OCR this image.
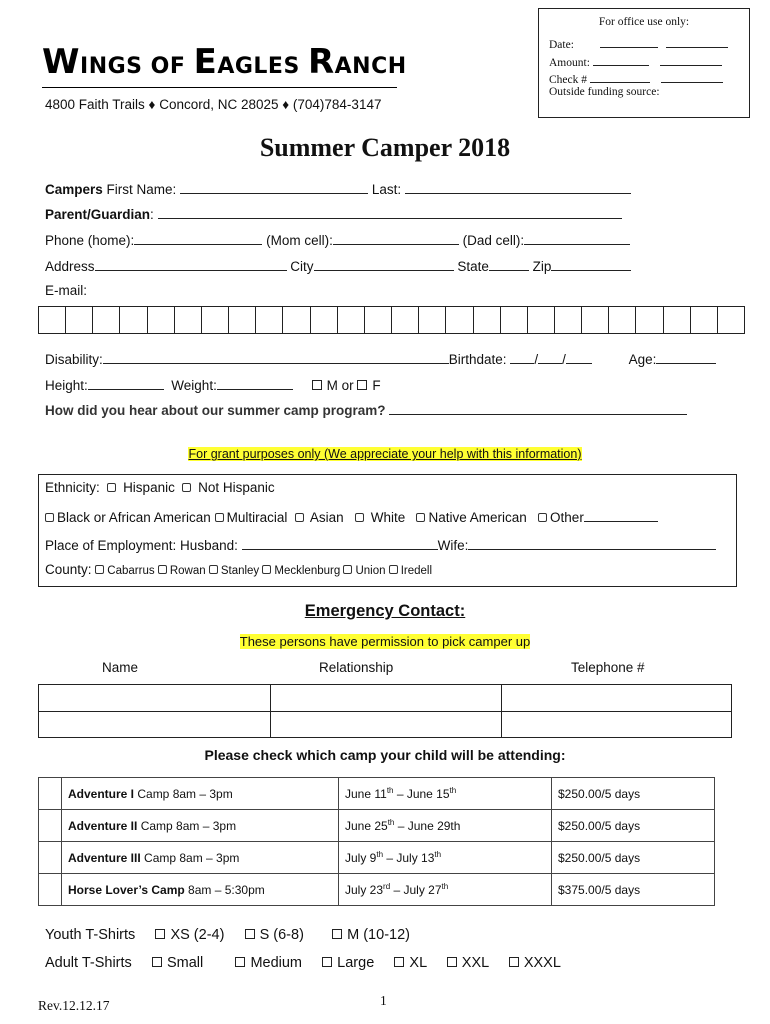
For office use only:
Date:
Amount:
Check #
Outside funding source:
WINGS OF EAGLES RANCH
4800 Faith Trails ♦ Concord, NC 28025 ♦ (704)784-3147
Summer Camper 2018
Campers First Name:	Last:
Parent/Guardian:
Phone (home):	(Mom cell):	(Dad cell):
Address	City	State	Zip
E-mail:
Disability:	Birthdate: / /	Age:
Height:	Weight:	M or F
How did you hear about our summer camp program?
For grant purposes only (We appreciate your help with this information)
Ethnicity: Hispanic Not Hispanic
Black or African American Multiracial Asian White Native American Other
Place of Employment: Husband:	Wife:
County: Cabarrus Rowan Stanley Mecklenburg Union Iredell
Emergency Contact:
These persons have permission to pick camper up
Name	Relationship	Telephone #
Please check which camp your child will be attending:
	Adventure I Camp 8am – 3pm	June 11th – June 15th	$250.00/5 days
	Adventure II Camp 8am – 3pm	June 25th – June 29th	$250.00/5 days
	Adventure III Camp 8am – 3pm	July 9th – July 13th	$250.00/5 days
	Horse Lover’s Camp 8am – 5:30pm	July 23rd – July 27th	$375.00/5 days
Youth T-Shirts XS (2-4) S (6-8)	M (10-12)
Adult T-Shirts Small	Medium Large XL XXL XXXL
Rev.12.12.17	1
